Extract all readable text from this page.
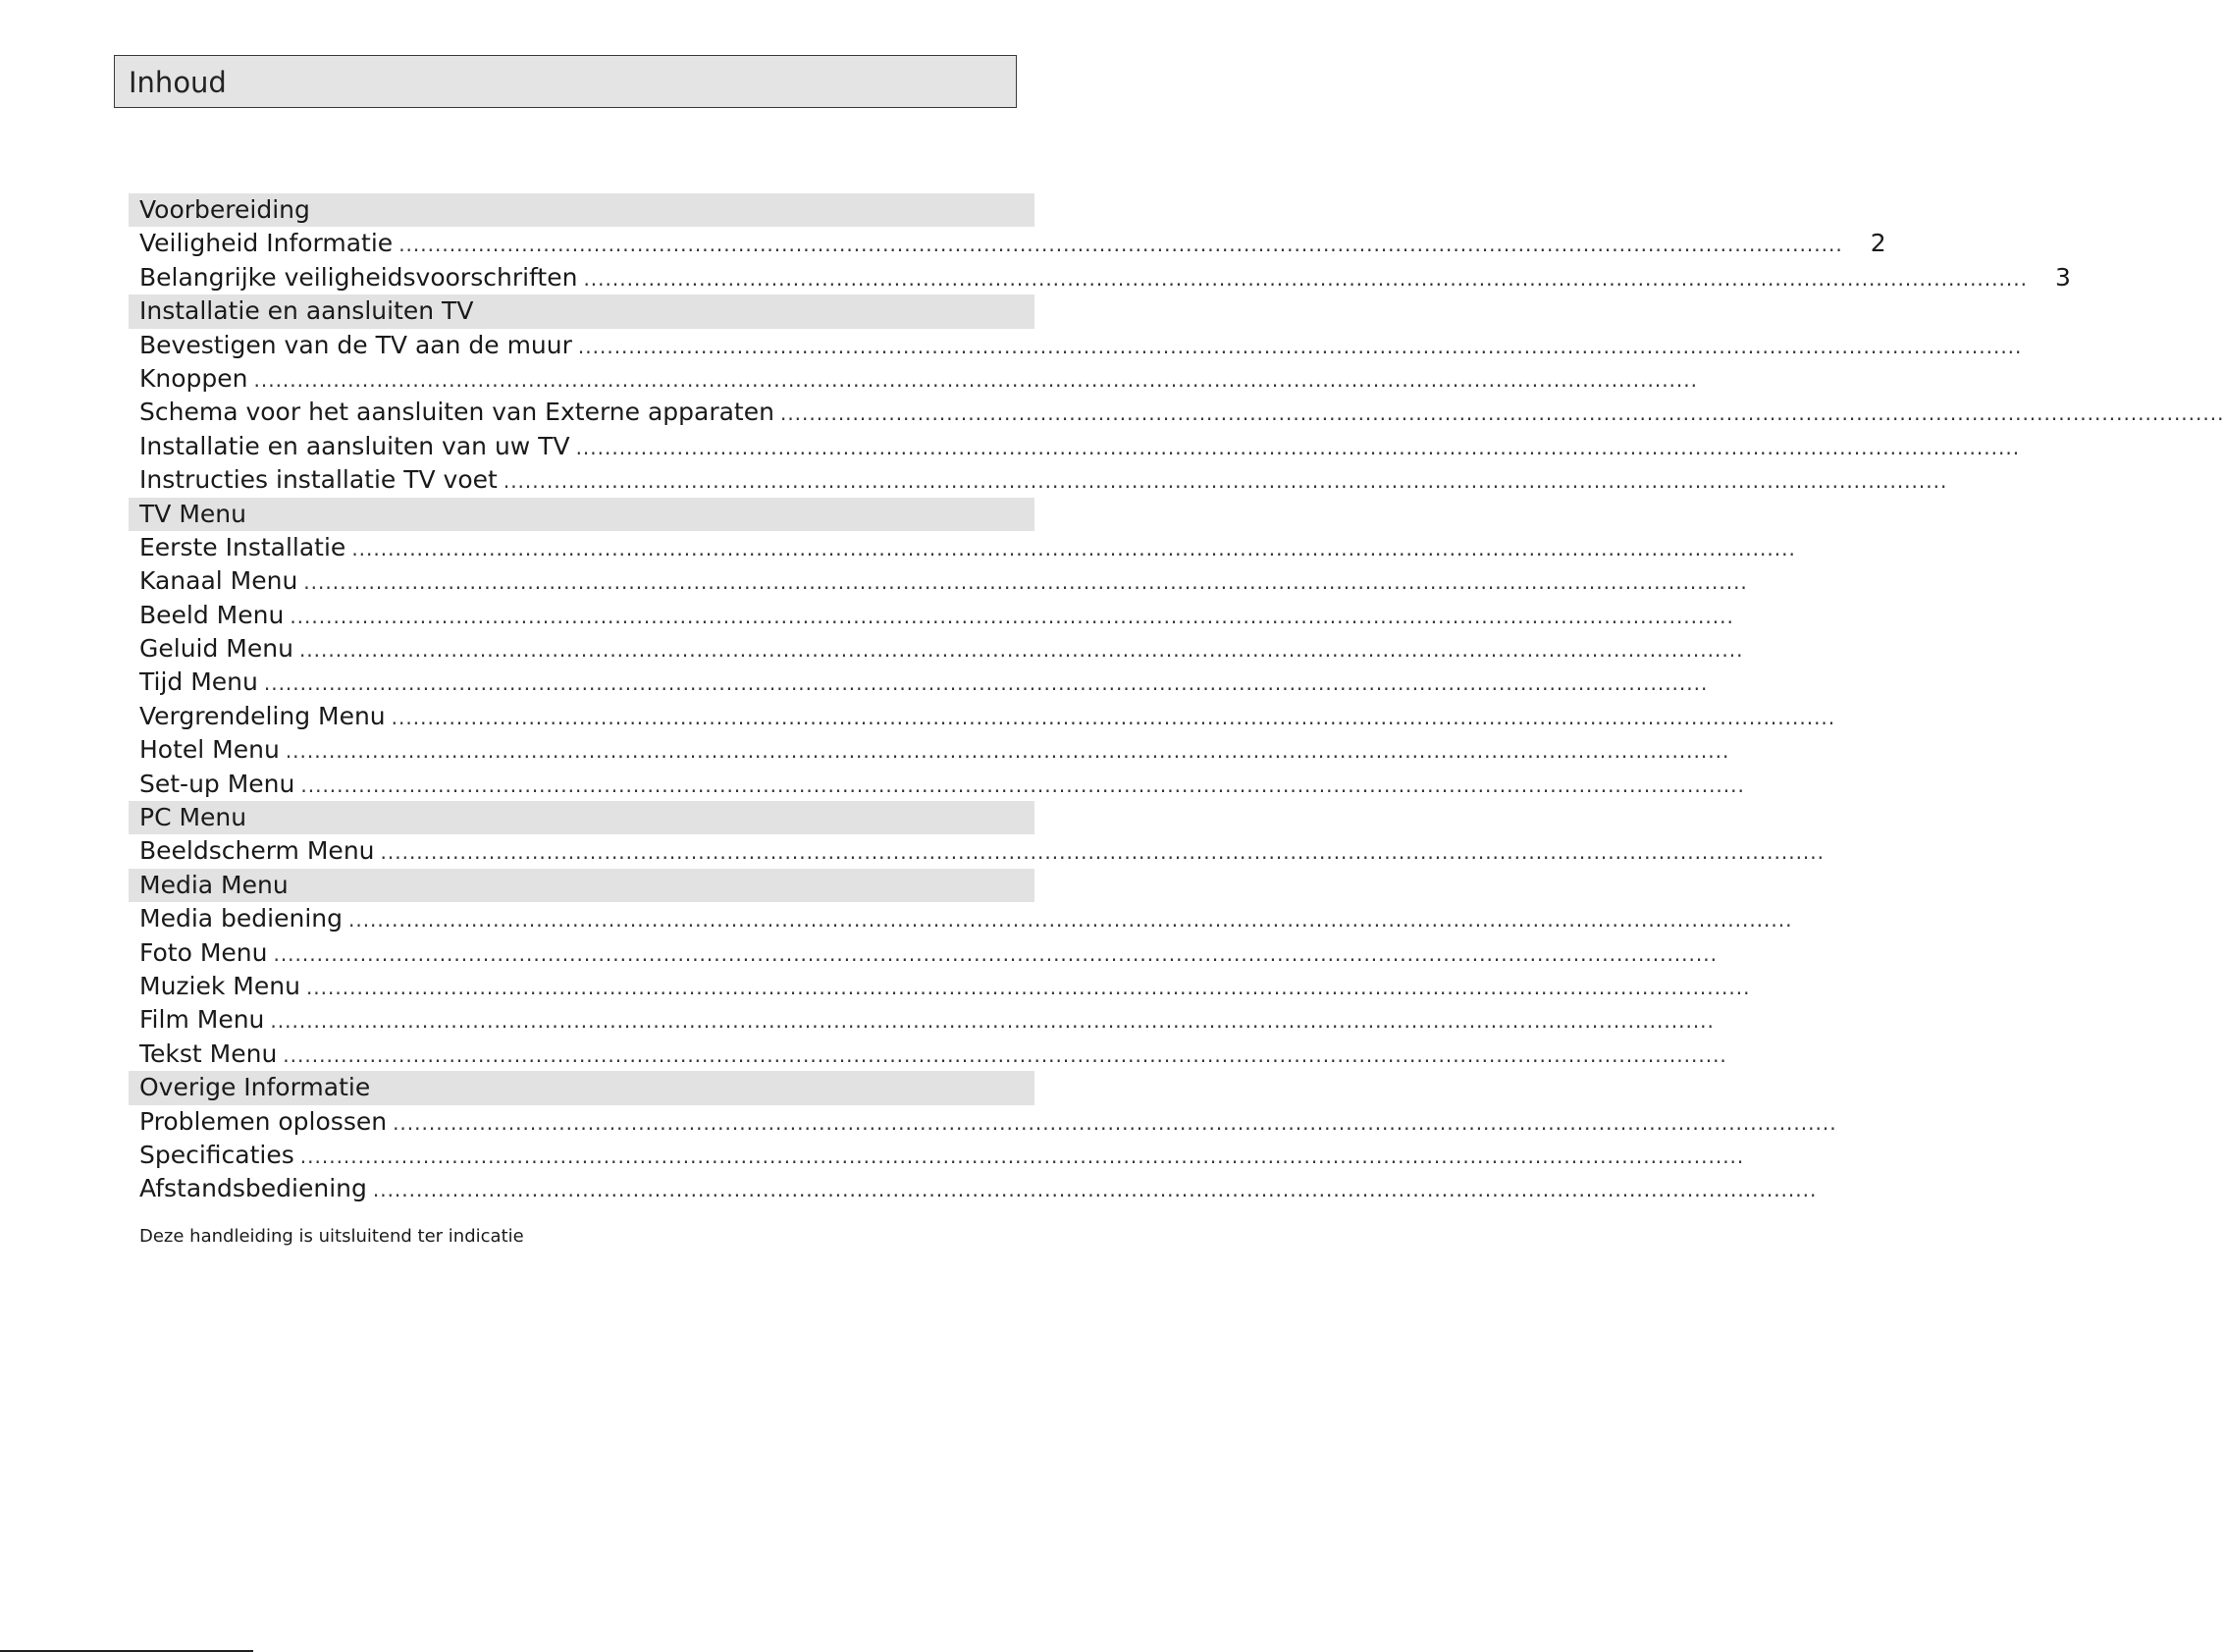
Inhoud
Voorbereiding
Veiligheid Informatie ........................................................................................................................................................................................................	2
Belangrijke veiligheidsvoorschriften ........................................................................................................................................................................................................	3
Installatie en aansluiten TV
Bevestigen van de TV aan de muur ........................................................................................................................................................................................................
Knoppen ........................................................................................................................................................................................................
Schema voor het aansluiten van Externe apparaten ........................................................................................................................................................................................................
Installatie en aansluiten van uw TV ........................................................................................................................................................................................................
Instructies installatie TV voet ........................................................................................................................................................................................................
TV Menu
Eerste Installatie ........................................................................................................................................................................................................
Kanaal Menu ........................................................................................................................................................................................................
Beeld Menu ........................................................................................................................................................................................................
Geluid Menu ........................................................................................................................................................................................................
Tijd Menu ........................................................................................................................................................................................................
Vergrendeling Menu ........................................................................................................................................................................................................
Hotel Menu ........................................................................................................................................................................................................
Set-up Menu ........................................................................................................................................................................................................
PC Menu
Beeldscherm Menu ........................................................................................................................................................................................................
Media Menu
Media bediening ........................................................................................................................................................................................................
Foto Menu ........................................................................................................................................................................................................
Muziek Menu ........................................................................................................................................................................................................
Film Menu ........................................................................................................................................................................................................
Tekst Menu ........................................................................................................................................................................................................
Overige Informatie
Problemen oplossen ........................................................................................................................................................................................................
Specificaties ........................................................................................................................................................................................................
Afstandsbediening ........................................................................................................................................................................................................
Deze handleiding is uitsluitend ter indicatie
